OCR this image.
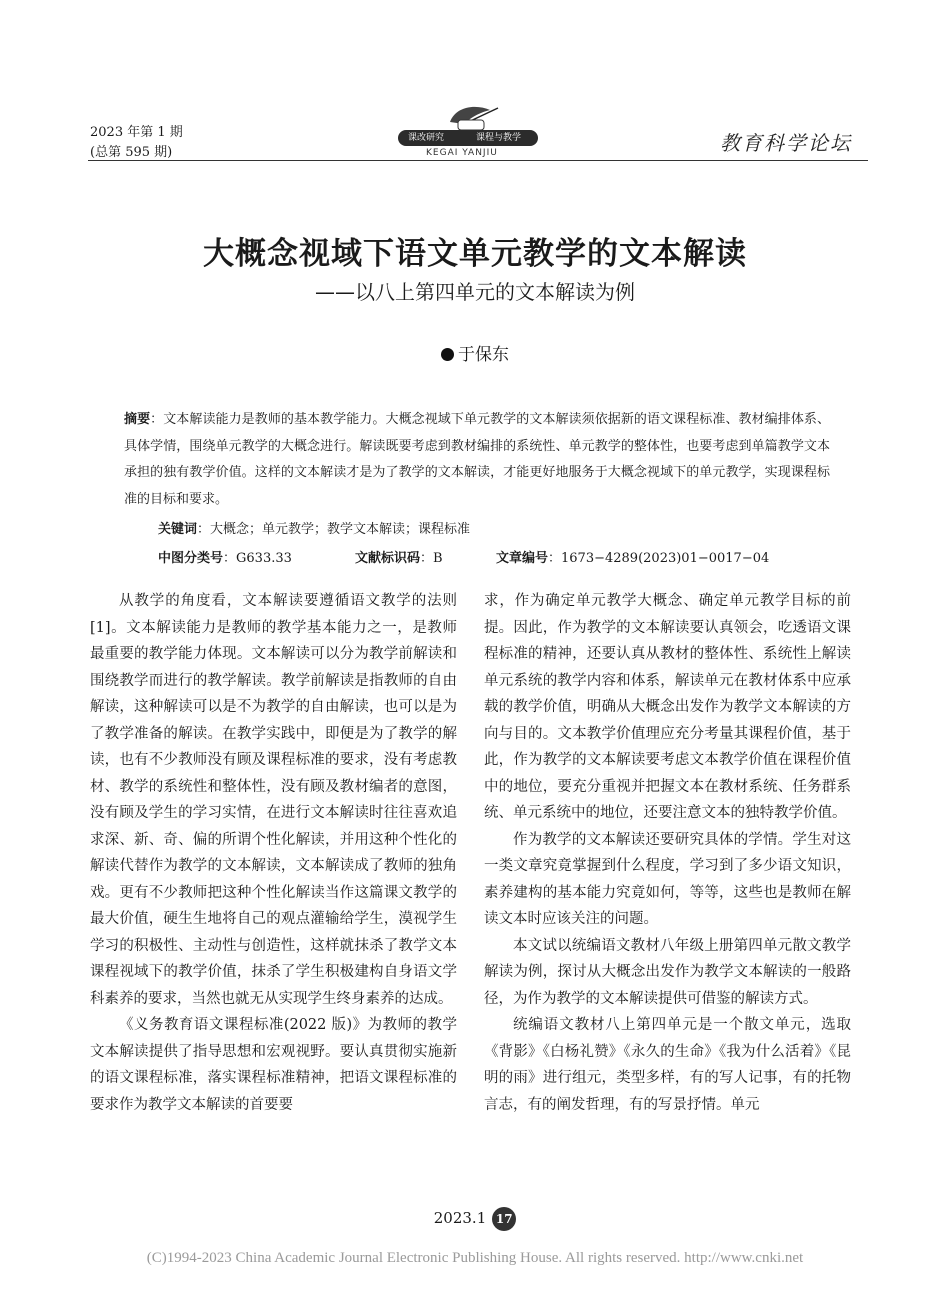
2023 年第 1 期
(总第 595 期)
课改研究	课程与教学
KEGAI YANJIU	教育科学论坛
大概念视域下语文单元教学的文本解读
——以八上第四单元的文本解读为例
于保东
摘要：文本解读能力是教师的基本教学能力。大概念视域下单元教学的文本解读须依据新的语文课程标准、教材编排体系、具体学情，围绕单元教学的大概念进行。解读既要考虑到教材编排的系统性、单元教学的整体性，也要考虑到单篇教学文本承担的独有教学价值。这样的文本解读才是为了教学的文本解读，才能更好地服务于大概念视域下的单元教学，实现课程标准的目标和要求。
关键词：大概念；单元教学；教学文本解读；课程标准
中图分类号：G633.33	文献标识码：B	文章编号：1673−4289(2023)01−0017−04

从教学的角度看，文本解读要遵循语文教学的法则[1]。文本解读能力是教师的教学基本能力之一，是教师最重要的教学能力体现。文本解读可以分为教学前解读和围绕教学而进行的教学解读。教学前解读是指教师的自由解读，这种解读可以是不为教学的自由解读，也可以是为了教学准备的解读。在教学实践中，即便是为了教学的解读，也有不少教师没有顾及课程标准的要求，没有考虑教材、教学的系统性和整体性，没有顾及教材编者的意图，没有顾及学生的学习实情，在进行文本解读时往往喜欢追求深、新、奇、偏的所谓个性化解读，并用这种个性化的解读代替作为教学的文本解读，文本解读成了教师的独角戏。更有不少教师把这种个性化解读当作这篇课文教学的最大价值，硬生生地将自己的观点灌输给学生，漠视学生学习的积极性、主动性与创造性，这样就抹杀了教学文本课程视域下的教学价值，抹杀了学生积极建构自身语文学科素养的要求，当然也就无从实现学生终身素养的达成。

《义务教育语文课程标准(2022 版)》为教师的教学文本解读提供了指导思想和宏观视野。要认真贯彻实施新的语文课程标准，落实课程标准精神，把语文课程标准的要求作为教学文本解读的首要要

求，作为确定单元教学大概念、确定单元教学目标的前提。因此，作为教学的文本解读要认真领会，吃透语文课程标准的精神，还要认真从教材的整体性、系统性上解读单元系统的教学内容和体系，解读单元在教材体系中应承载的教学价值，明确从大概念出发作为教学文本解读的方向与目的。文本教学价值理应充分考量其课程价值，基于此，作为教学的文本解读要考虑文本教学价值在课程价值中的地位，要充分重视并把握文本在教材系统、任务群系统、单元系统中的地位，还要注意文本的独特教学价值。

作为教学的文本解读还要研究具体的学情。学生对这一类文章究竟掌握到什么程度，学习到了多少语文知识，素养建构的基本能力究竟如何，等等，这些也是教师在解读文本时应该关注的问题。

本文试以统编语文教材八年级上册第四单元散文教学解读为例，探讨从大概念出发作为教学文本解读的一般路径，为作为教学的文本解读提供可借鉴的解读方式。

统编语文教材八上第四单元是一个散文单元，选取《背影》《白杨礼赞》《永久的生命》《我为什么活着》《昆明的雨》进行组元，类型多样，有的写人记事，有的托物言志，有的阐发哲理，有的写景抒情。单元

2023.1 17
(C)1994-2023 China Academic Journal Electronic Publishing House. All rights reserved. http://www.cnki.net
